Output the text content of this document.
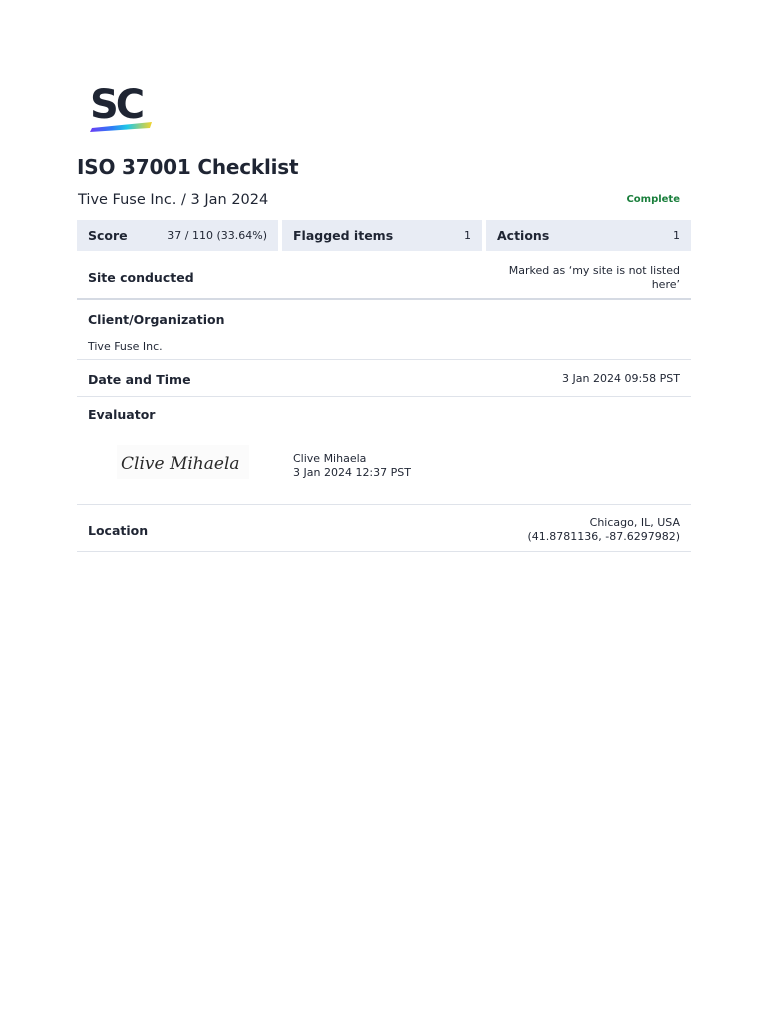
SC
ISO 37001 Checklist
Tive Fuse Inc. / 3 Jan 2024	Complete
Score	37 / 110 (33.64%) Flagged items	1 Actions	1
Site conducted	Marked as ‘my site is not listed here’
Client/Organization
Tive Fuse Inc.
Date and Time	3 Jan 2024 09:58 PST
Evaluator
Clive Mihaela	Clive Mihaela
3 Jan 2024 12:37 PST
Location
Chicago, IL, USA
(41.8781136, -87.6297982)
